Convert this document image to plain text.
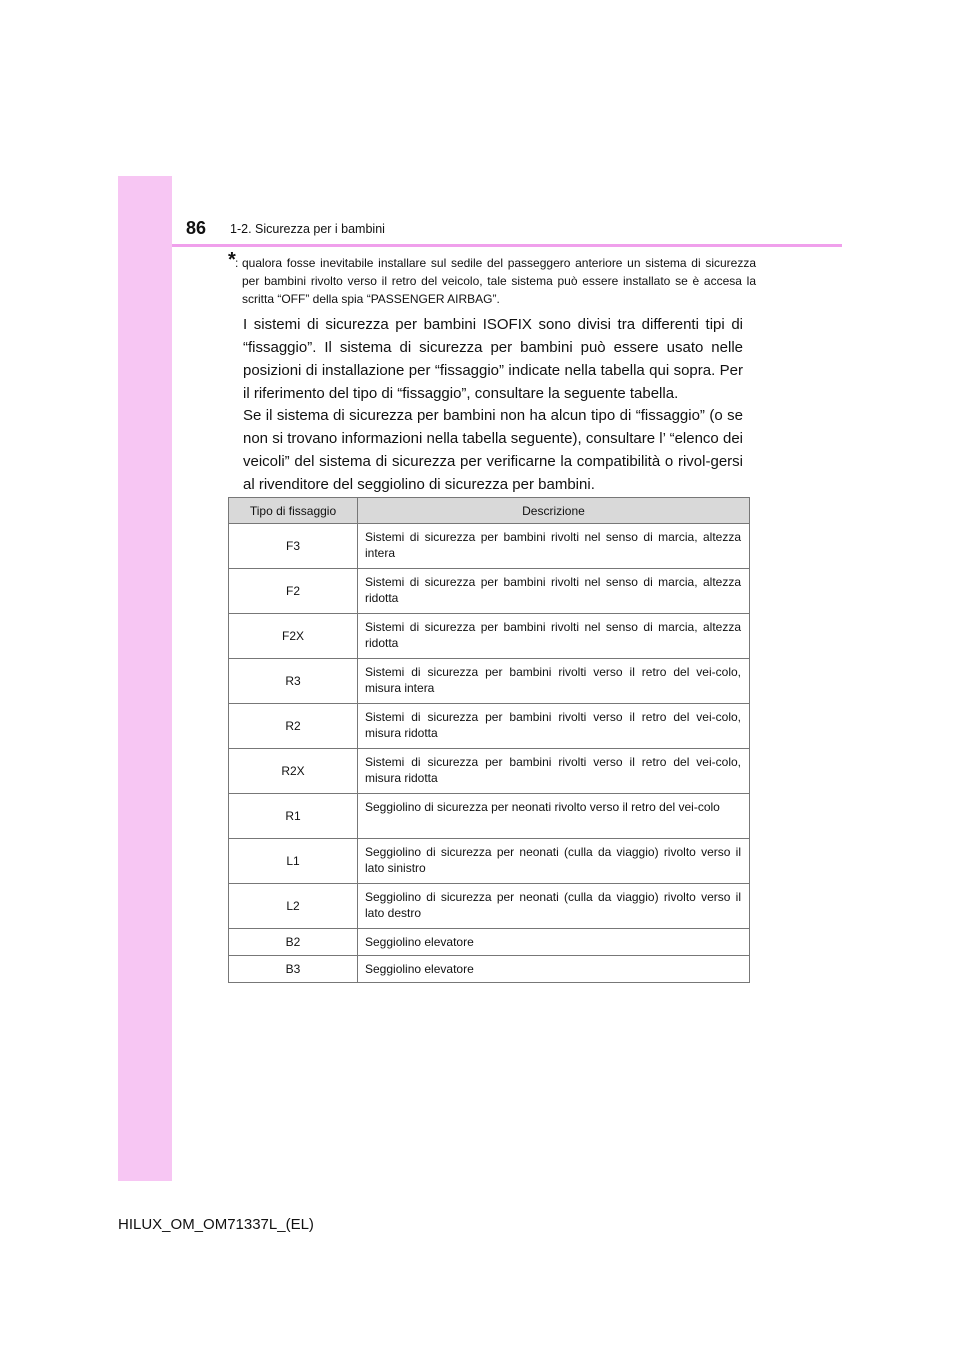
86 1-2. Sicurezza per i bambini
* : qualora fosse inevitabile installare sul sedile del passeggero anteriore un sistema di sicurezza per bambini rivolto verso il retro del veicolo, tale sistema può essere installato se è accesa la scritta “OFF” della spia “PASSENGER AIRBAG”.

I sistemi di sicurezza per bambini ISOFIX sono divisi tra differenti tipi di “fissaggio”. Il sistema di sicurezza per bambini può essere usato nelle posizioni di installazione per “fissaggio” indicate nella tabella qui sopra. Per il riferimento del tipo di “fissaggio”, consultare la seguente tabella.

Se il sistema di sicurezza per bambini non ha alcun tipo di “fissaggio” (o se non si trovano informazioni nella tabella seguente), consultare l’ “elenco dei veicoli” del sistema di sicurezza per verificarne la compatibilità o rivol-gersi al rivenditore del seggiolino di sicurezza per bambini.

Tipo di fissaggio	Descrizione
F3	Sistemi di sicurezza per bambini rivolti nel senso di marcia, altezza intera
F2	Sistemi di sicurezza per bambini rivolti nel senso di marcia, altezza ridotta
F2X	Sistemi di sicurezza per bambini rivolti nel senso di marcia, altezza ridotta
R3	Sistemi di sicurezza per bambini rivolti verso il retro del vei-colo, misura intera
R2	Sistemi di sicurezza per bambini rivolti verso il retro del vei-colo, misura ridotta
R2X	Sistemi di sicurezza per bambini rivolti verso il retro del vei-colo, misura ridotta
R1	Seggiolino di sicurezza per neonati rivolto verso il retro del vei-colo
L1	Seggiolino di sicurezza per neonati (culla da viaggio) rivolto verso il lato sinistro
L2	Seggiolino di sicurezza per neonati (culla da viaggio) rivolto verso il lato destro
B2	Seggiolino elevatore
B3	Seggiolino elevatore
HILUX_OM_OM71337L_(EL)
